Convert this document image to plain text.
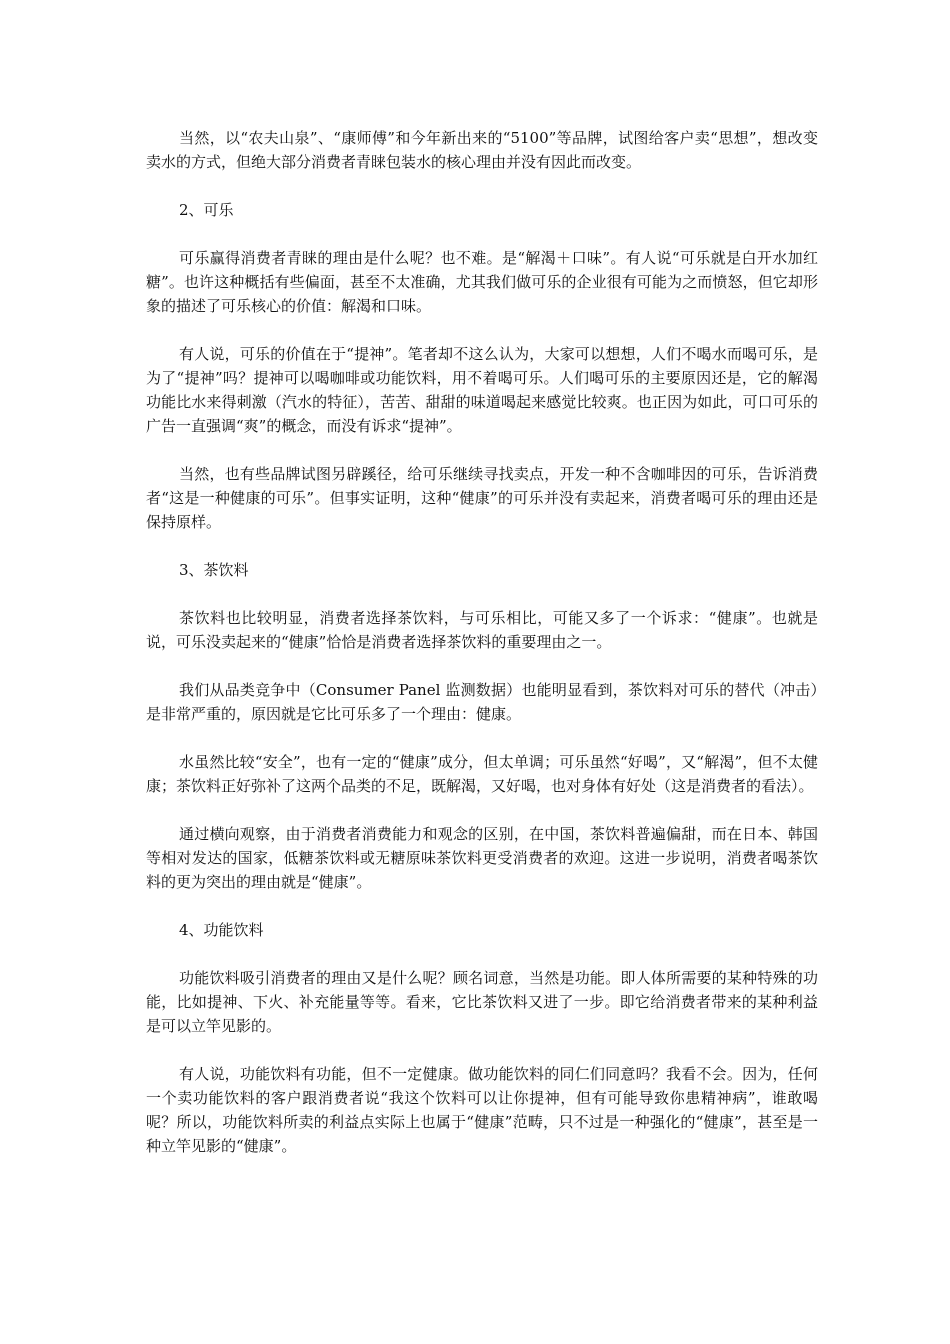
当然，以“农夫山泉”、“康师傅”和今年新出来的“5100”等品牌，试图给客户卖“思想”，想改变卖水的方式，但绝大部分消费者青睐包装水的核心理由并没有因此而改变。

2、可乐

可乐赢得消费者青睐的理由是什么呢？也不难。是“解渴＋口味”。有人说“可乐就是白开水加红糖”。也许这种概括有些偏面，甚至不太准确，尤其我们做可乐的企业很有可能为之而愤怒，但它却形象的描述了可乐核心的价值：解渴和口味。

有人说，可乐的价值在于“提神”。笔者却不这么认为，大家可以想想，人们不喝水而喝可乐，是为了“提神”吗？提神可以喝咖啡或功能饮料，用不着喝可乐。人们喝可乐的主要原因还是，它的解渴功能比水来得刺激（汽水的特征），苦苦、甜甜的味道喝起来感觉比较爽。也正因为如此，可口可乐的广告一直强调“爽”的概念，而没有诉求“提神”。

当然，也有些品牌试图另辟蹊径，给可乐继续寻找卖点，开发一种不含咖啡因的可乐，告诉消费者“这是一种健康的可乐”。但事实证明，这种“健康”的可乐并没有卖起来，消费者喝可乐的理由还是保持原样。

3、茶饮料

茶饮料也比较明显，消费者选择茶饮料，与可乐相比，可能又多了一个诉求：“健康”。也就是说，可乐没卖起来的“健康”恰恰是消费者选择茶饮料的重要理由之一。

我们从品类竞争中（Consumer Panel 监测数据）也能明显看到，茶饮料对可乐的替代（冲击）是非常严重的，原因就是它比可乐多了一个理由：健康。

水虽然比较“安全”，也有一定的“健康”成分，但太单调；可乐虽然“好喝”，又“解渴”，但不太健康；茶饮料正好弥补了这两个品类的不足，既解渴，又好喝，也对身体有好处（这是消费者的看法）。

通过横向观察，由于消费者消费能力和观念的区别，在中国，茶饮料普遍偏甜，而在日本、韩国等相对发达的国家，低糖茶饮料或无糖原味茶饮料更受消费者的欢迎。这进一步说明，消费者喝茶饮料的更为突出的理由就是“健康”。

4、功能饮料

功能饮料吸引消费者的理由又是什么呢？顾名词意，当然是功能。即人体所需要的某种特殊的功能，比如提神、下火、补充能量等等。看来，它比茶饮料又进了一步。即它给消费者带来的某种利益是可以立竿见影的。

有人说，功能饮料有功能，但不一定健康。做功能饮料的同仁们同意吗？我看不会。因为，任何一个卖功能饮料的客户跟消费者说“我这个饮料可以让你提神，但有可能导致你患精神病”，谁敢喝呢？所以，功能饮料所卖的利益点实际上也属于“健康”范畴，只不过是一种强化的“健康”，甚至是一种立竿见影的“健康”。
